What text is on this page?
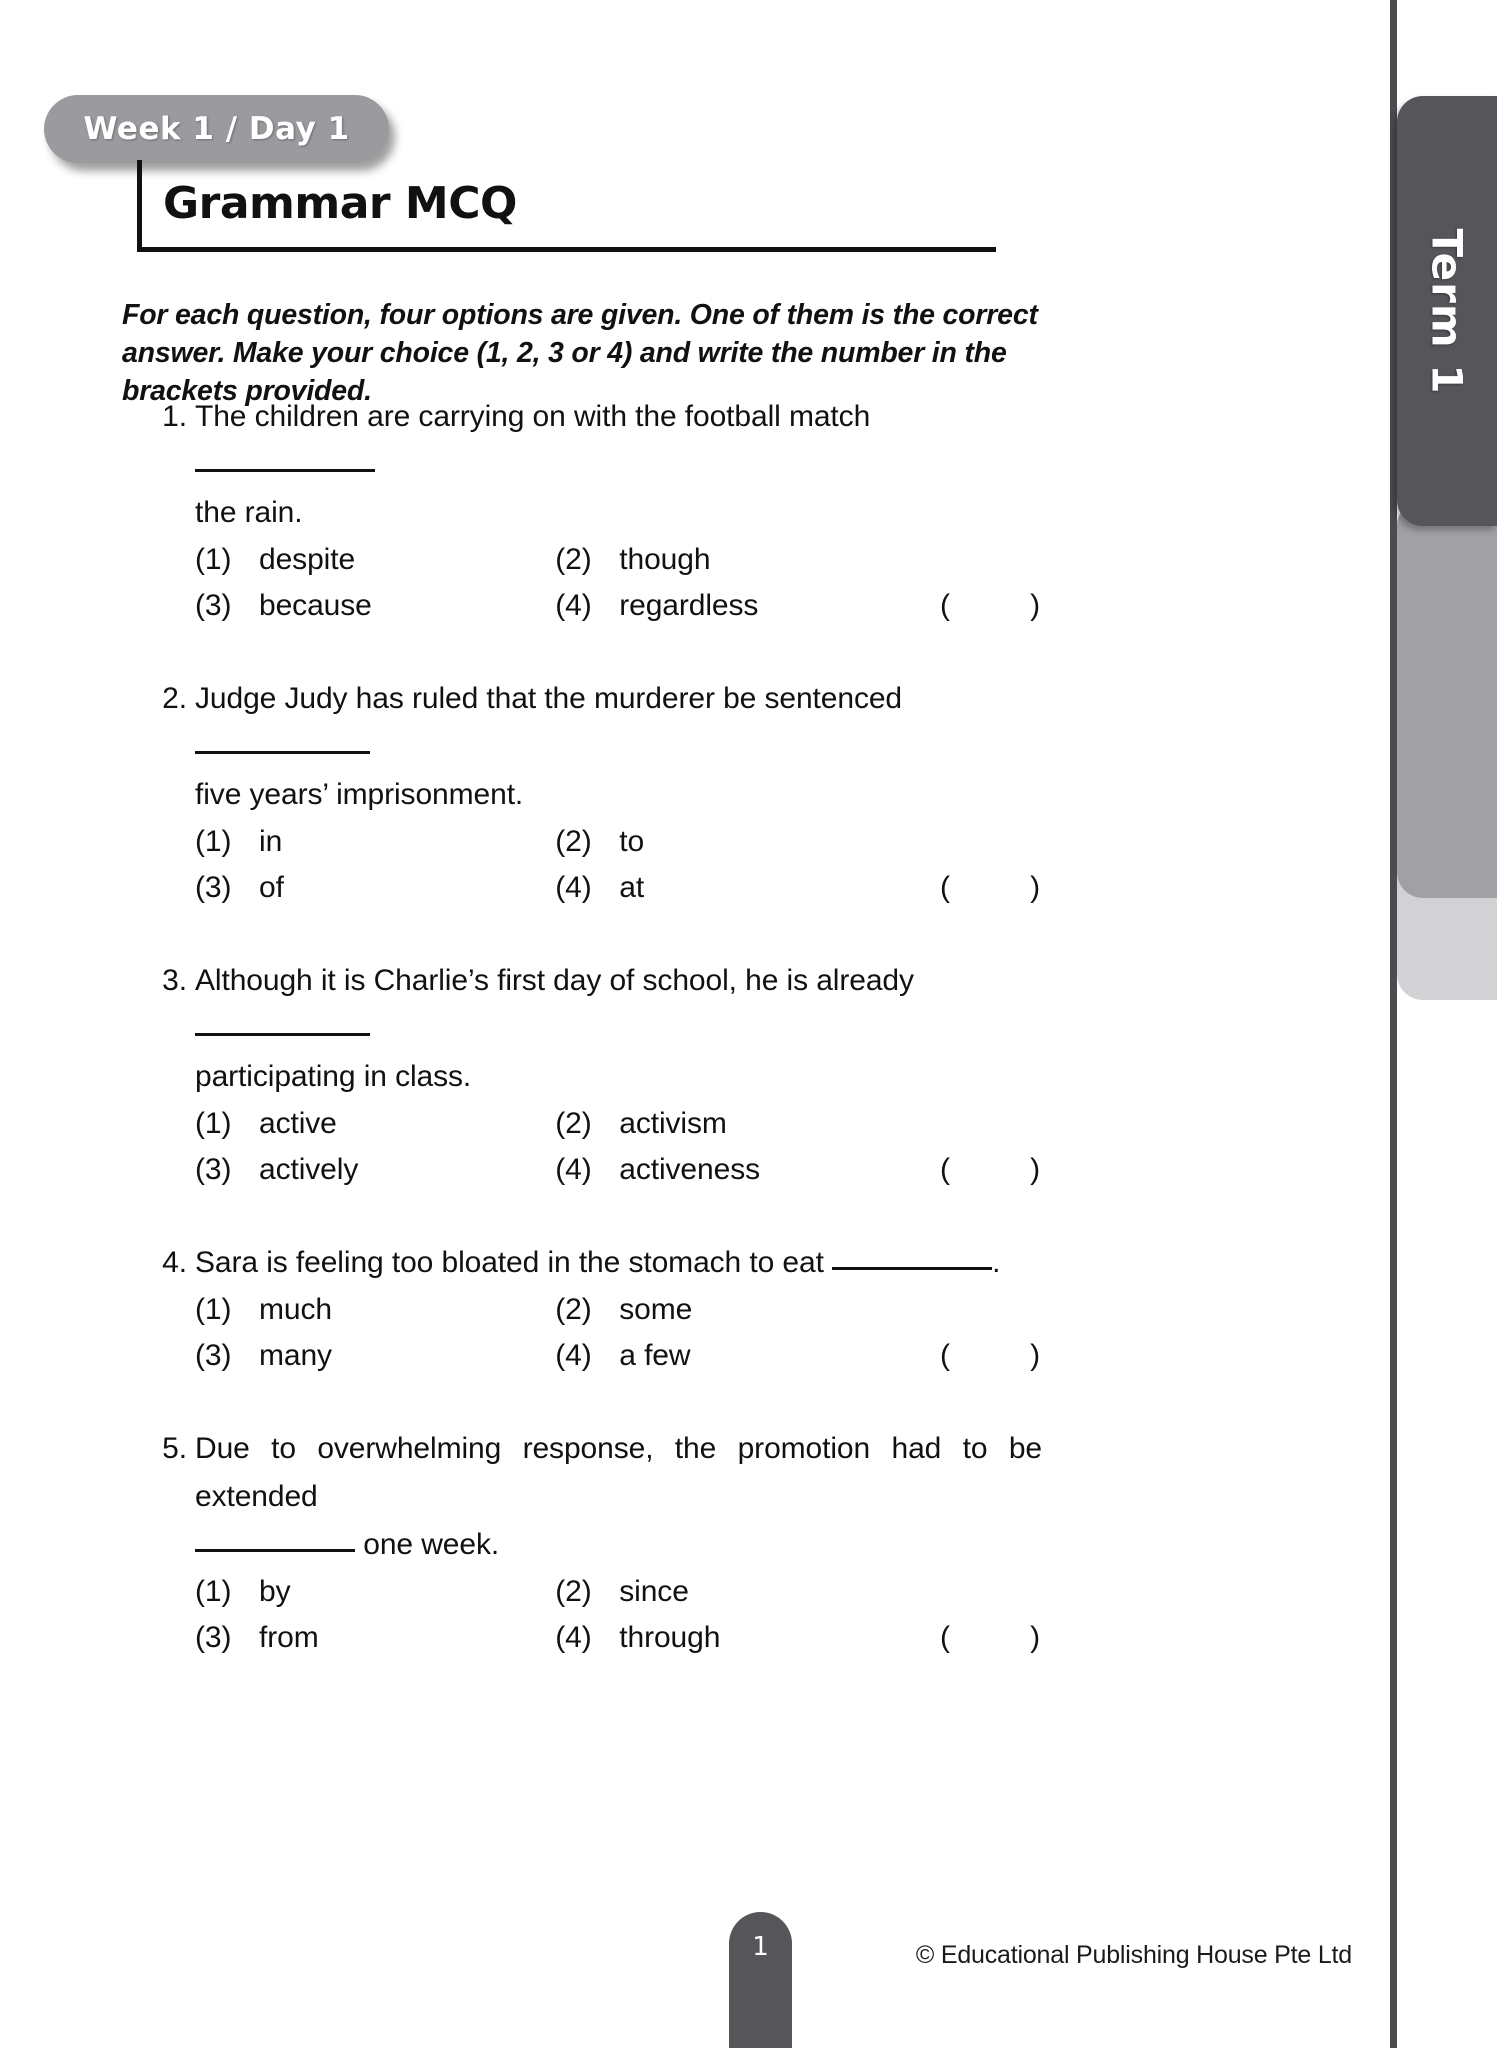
Term 1
Week 1 / Day 1
Grammar MCQ
For each question, four options are given. One of them is the correct answer. Make your choice (1, 2, 3 or 4) and write the number in the brackets provided.
1. The children are carrying on with the football match
the rain.
(1) despite	(2) though
(3) because	(4) regardless	(	)
2. Judge Judy has ruled that the murderer be sentenced
five years’ imprisonment.
(1) in	(2) to
(3) of	(4) at	(	)
3. Although it is Charlie’s first day of school, he is already
participating in class.
(1) active	(2) activism
(3) actively	(4) activeness	(	)
4. Sara is feeling too bloated in the stomach to eat	.
(1) much	(2) some
(3) many	(4) a few	(	)
5. Due to overwhelming response, the promotion had to be extended
one week.
(1) by	(2) since
(3) from	(4) through	(	)
1	© Educational Publishing House Pte Ltd
